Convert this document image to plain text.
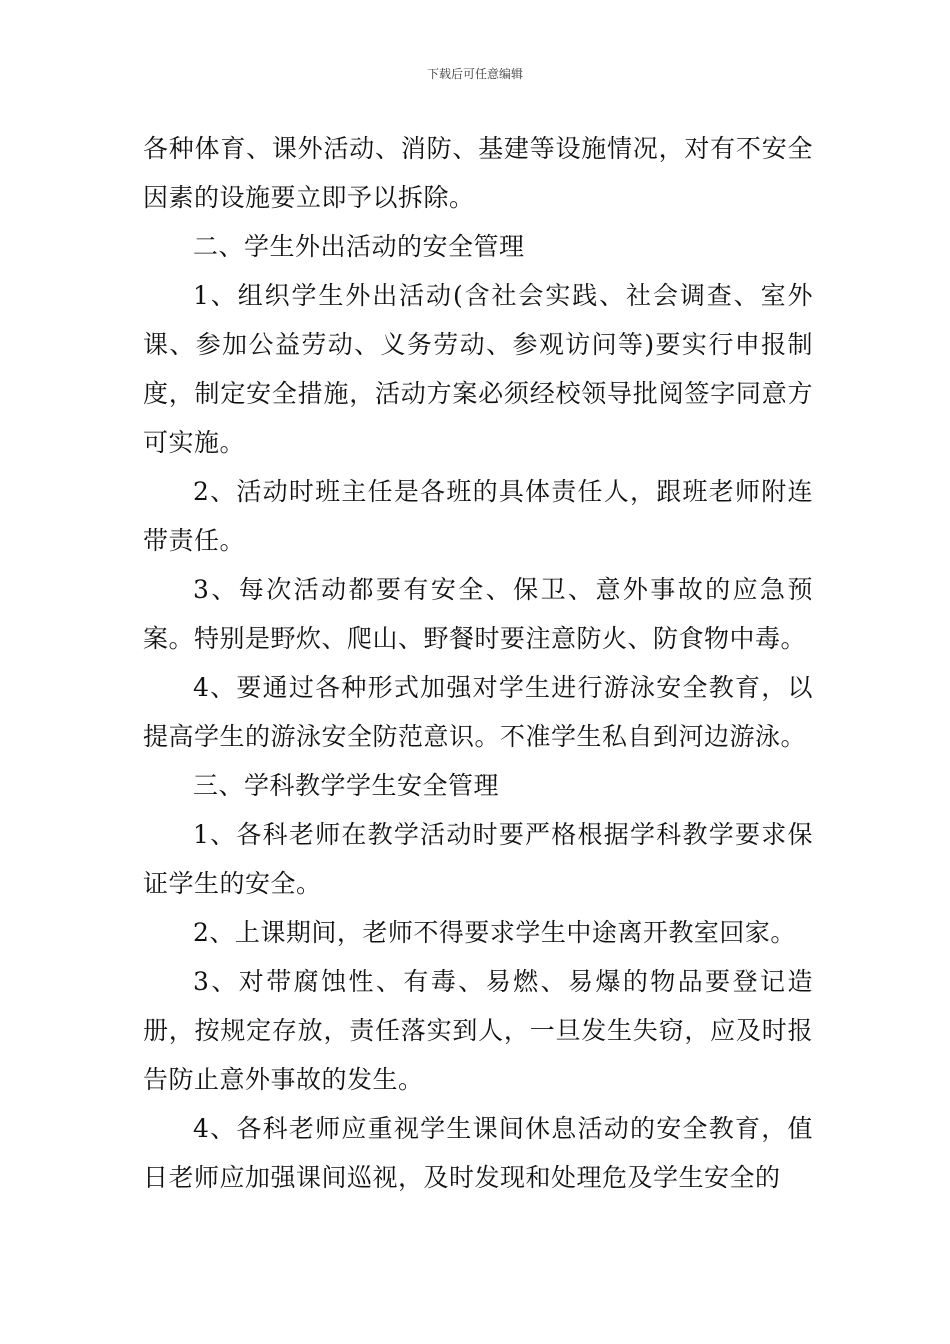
下载后可任意编辑

各种体育、课外活动、消防、基建等设施情况，对有不安全因素的设施要立即予以拆除。

二、学生外出活动的安全管理

1、组织学生外出活动(含社会实践、社会调查、室外课、参加公益劳动、义务劳动、参观访问等)要实行申报制度，制定安全措施，活动方案必须经校领导批阅签字同意方可实施。

2、活动时班主任是各班的具体责任人，跟班老师附连带责任。

3、每次活动都要有安全、保卫、意外事故的应急预案。特别是野炊、爬山、野餐时要注意防火、防食物中毒。

4、要通过各种形式加强对学生进行游泳安全教育，以提高学生的游泳安全防范意识。不准学生私自到河边游泳。

三、学科教学学生安全管理

1、各科老师在教学活动时要严格根据学科教学要求保证学生的安全。

2、上课期间，老师不得要求学生中途离开教室回家。

3、对带腐蚀性、有毒、易燃、易爆的物品要登记造册，按规定存放，责任落实到人，一旦发生失窃，应及时报告防止意外事故的发生。

4、各科老师应重视学生课间休息活动的安全教育，值日老师应加强课间巡视，及时发现和处理危及学生安全的
